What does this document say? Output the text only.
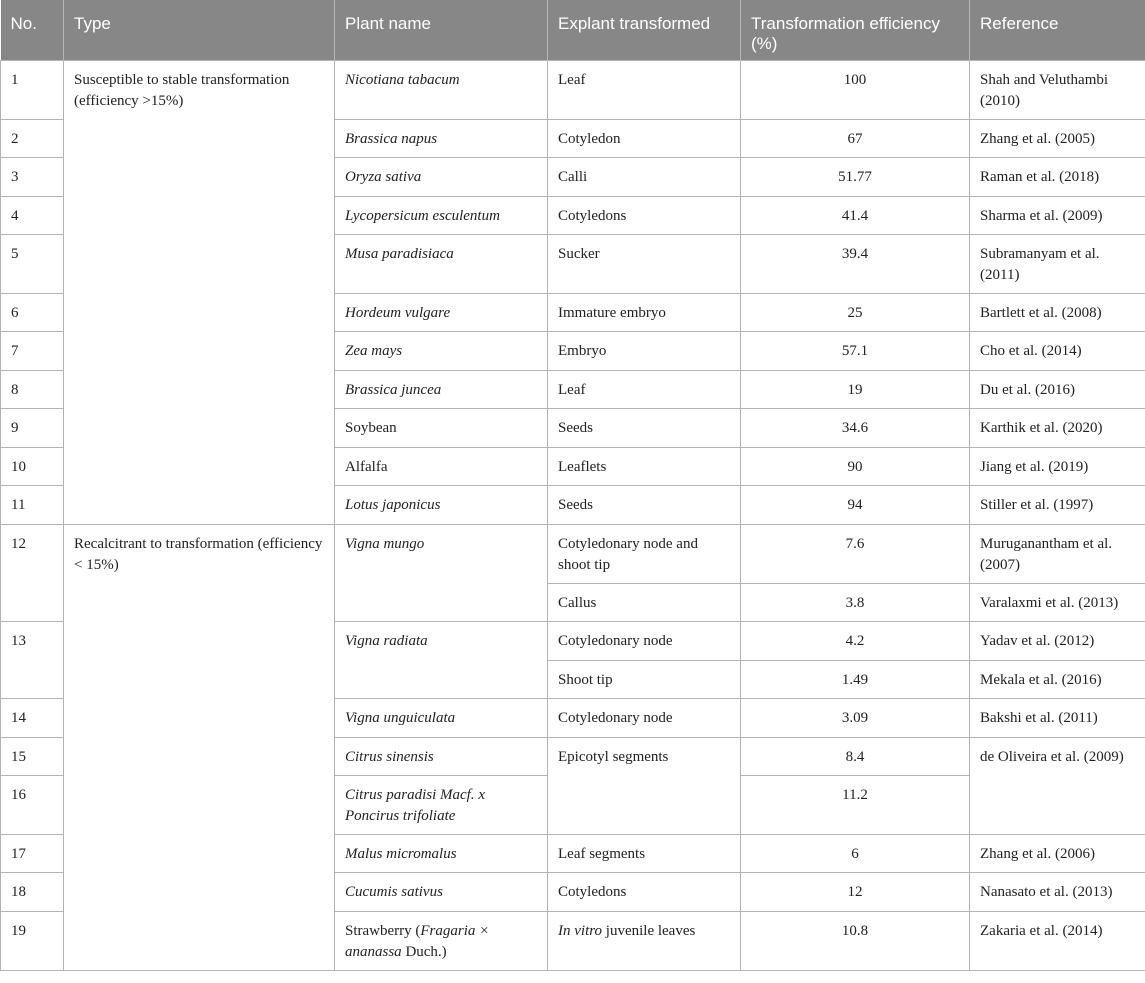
No.	Type	Plant name	Explant transformed	Transformation efficiency (%)	Reference
1	Susceptible to stable transformation (efficiency >15%)	Nicotiana tabacum	Leaf	100	Shah and Veluthambi (2010)
2		Brassica napus	Cotyledon	67	Zhang et al. (2005)
3		Oryza sativa	Calli	51.77	Raman et al. (2018)
4		Lycopersicum esculentum	Cotyledons	41.4	Sharma et al. (2009)
5		Musa paradisiaca	Sucker	39.4	Subramanyam et al. (2011)
6		Hordeum vulgare	Immature embryo	25	Bartlett et al. (2008)
7		Zea mays	Embryo	57.1	Cho et al. (2014)
8		Brassica juncea	Leaf	19	Du et al. (2016)
9		Soybean	Seeds	34.6	Karthik et al. (2020)
10		Alfalfa	Leaflets	90	Jiang et al. (2019)
11		Lotus japonicus	Seeds	94	Stiller et al. (1997)
12	Recalcitrant to transformation (efficiency < 15%)	Vigna mungo	Cotyledonary node and shoot tip	7.6	Muruganantham et al. (2007)
			Callus	3.8	Varalaxmi et al. (2013)
13		Vigna radiata	Cotyledonary node	4.2	Yadav et al. (2012)
			Shoot tip	1.49	Mekala et al. (2016)
14		Vigna unguiculata	Cotyledonary node	3.09	Bakshi et al. (2011)
15		Citrus sinensis	Epicotyl segments	8.4	de Oliveira et al. (2009)
16		Citrus paradisi Macf. x Poncirus trifoliate		11.2	
17		Malus micromalus	Leaf segments	6	Zhang et al. (2006)
18		Cucumis sativus	Cotyledons	12	Nanasato et al. (2013)
19		Strawberry (Fragaria × ananassa Duch.)	In vitro juvenile leaves	10.8	Zakaria et al. (2014)
